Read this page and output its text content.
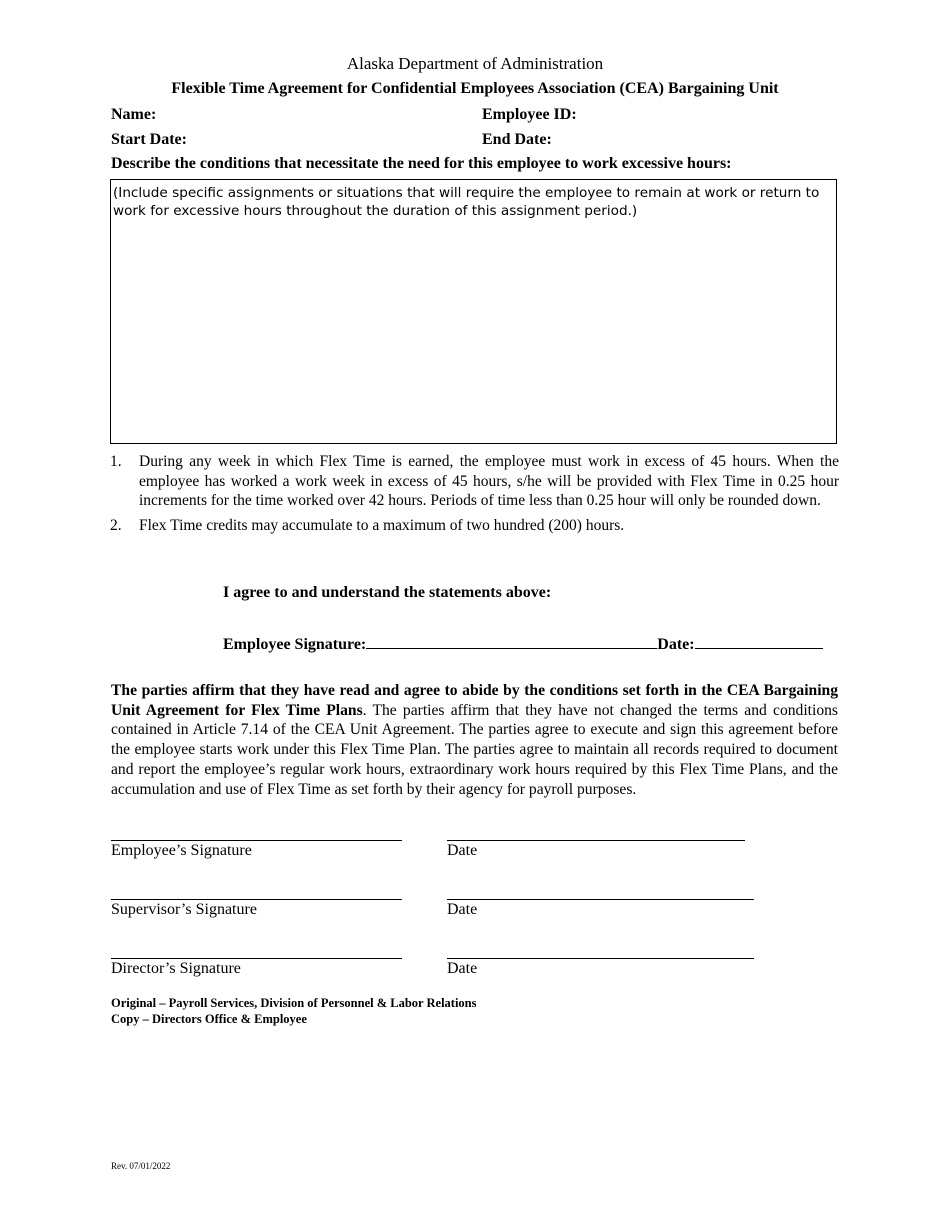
Alaska Department of Administration
Flexible Time Agreement for Confidential Employees Association (CEA) Bargaining Unit
Name:	Employee ID:
Start Date:	End Date:
Describe the conditions that necessitate the need for this employee to work excessive hours:
(Include specific assignments or situations that will require the employee to remain at work or return to work for excessive hours throughout the duration of this assignment period.)
1.	During any week in which Flex Time is earned, the employee must work in excess of 45 hours. When the employee has worked a work week in excess of 45 hours, s/he will be provided with Flex Time in 0.25 hour increments for the time worked over 42 hours. Periods of time less than 0.25 hour will only be rounded down.
2.	Flex Time credits may accumulate to a maximum of two hundred (200) hours.
I agree to and understand the statements above:
Employee Signature:	Date:
The parties affirm that they have read and agree to abide by the conditions set forth in the CEA Bargaining Unit Agreement for Flex Time Plans. The parties affirm that they have not changed the terms and conditions contained in Article 7.14 of the CEA Unit Agreement. The parties agree to execute and sign this agreement before the employee starts work under this Flex Time Plan. The parties agree to maintain all records required to document and report the employee’s regular work hours, extraordinary work hours required by this Flex Time Plans, and the accumulation and use of Flex Time as set forth by their agency for payroll purposes.
Employee’s Signature	Date
Supervisor’s Signature	Date
Director’s Signature	Date
Original – Payroll Services, Division of Personnel & Labor Relations
Copy – Directors Office & Employee
Rev. 07/01/2022
